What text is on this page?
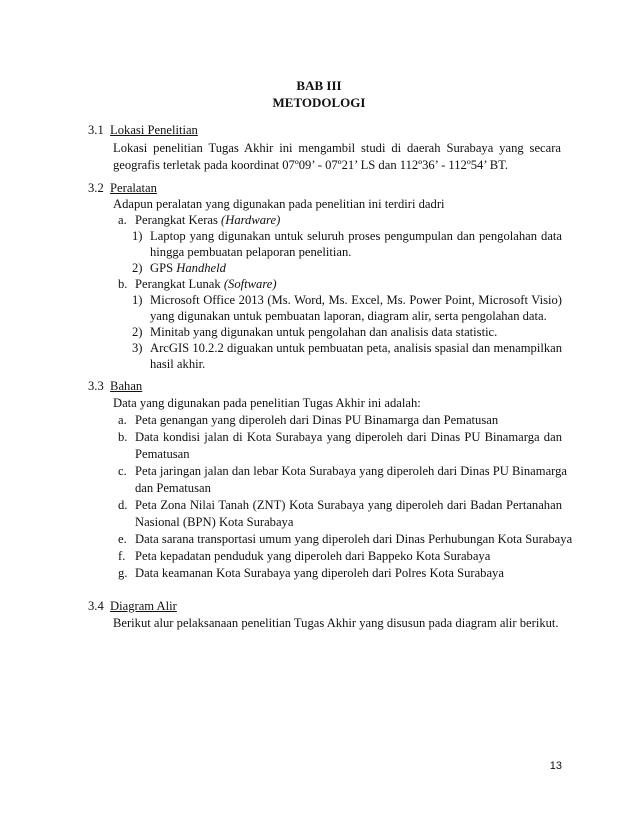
BAB III
METODOLOGI
3.1 Lokasi Penelitian
Lokasi penelitian Tugas Akhir ini mengambil studi di daerah Surabaya yang secara
geografis terletak pada koordinat 07º09’ - 07º21’ LS dan 112º36’ - 112º54’ BT.
3.2 Peralatan
Adapun peralatan yang digunakan pada penelitian ini terdiri dadri
a. Perangkat Keras (Hardware)
1) Laptop yang digunakan untuk seluruh proses pengumpulan dan pengolahan data
hingga pembuatan pelaporan penelitian.
2) GPS Handheld
b. Perangkat Lunak (Software)
1) Microsoft Office 2013 (Ms. Word, Ms. Excel, Ms. Power Point, Microsoft Visio)
yang digunakan untuk pembuatan laporan, diagram alir, serta pengolahan data.
2) Minitab yang digunakan untuk pengolahan dan analisis data statistic.
3) ArcGIS 10.2.2 diguakan untuk pembuatan peta, analisis spasial dan menampilkan
hasil akhir.
3.3 Bahan
Data yang digunakan pada penelitian Tugas Akhir ini adalah:
a. Peta genangan yang diperoleh dari Dinas PU Binamarga dan Pematusan
b. Data kondisi jalan di Kota Surabaya yang diperoleh dari Dinas PU Binamarga dan
Pematusan
c. Peta jaringan jalan dan lebar Kota Surabaya yang diperoleh dari Dinas PU Binamarga
dan Pematusan
d. Peta Zona Nilai Tanah (ZNT) Kota Surabaya yang diperoleh dari Badan Pertanahan
Nasional (BPN) Kota Surabaya
e. Data sarana transportasi umum yang diperoleh dari Dinas Perhubungan Kota Surabaya
f. Peta kepadatan penduduk yang diperoleh dari Bappeko Kota Surabaya
g. Data keamanan Kota Surabaya yang diperoleh dari Polres Kota Surabaya
3.4 Diagram Alir
Berikut alur pelaksanaan penelitian Tugas Akhir yang disusun pada diagram alir berikut.
13
